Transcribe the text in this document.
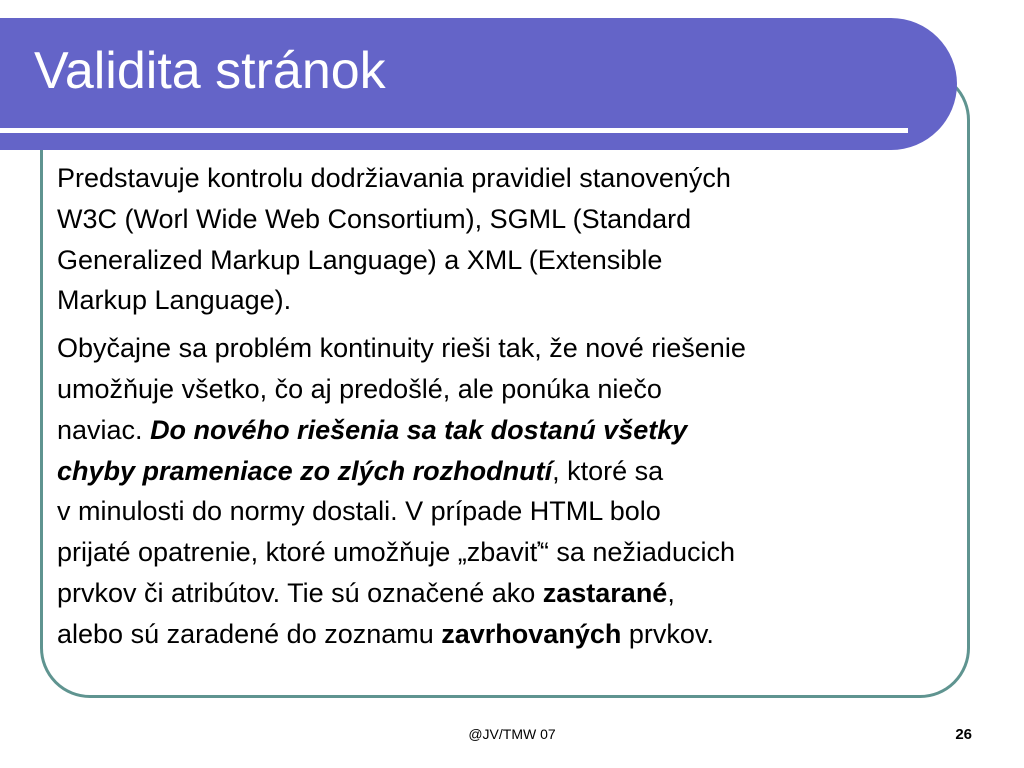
Validita stránok

Predstavuje kontrolu dodržiavania pravidiel stanovených
W3C (Worl Wide Web Consortium), SGML (Standard
Generalized Markup Language) a XML (Extensible
Markup Language).

Obyčajne sa problém kontinuity rieši tak, že nové riešenie
umožňuje všetko, čo aj predošlé, ale ponúka niečo
naviac. Do nového riešenia sa tak dostanú všetky
chyby prameniace zo zlých rozhodnutí, ktoré sa
v minulosti do normy dostali. V prípade HTML bolo
prijaté opatrenie, ktoré umožňuje „zbaviť“ sa nežiaducich
prvkov či atribútov. Tie sú označené ako zastarané,
alebo sú zaradené do zoznamu zavrhovaných prvkov.

@JV/TMW 07	26
